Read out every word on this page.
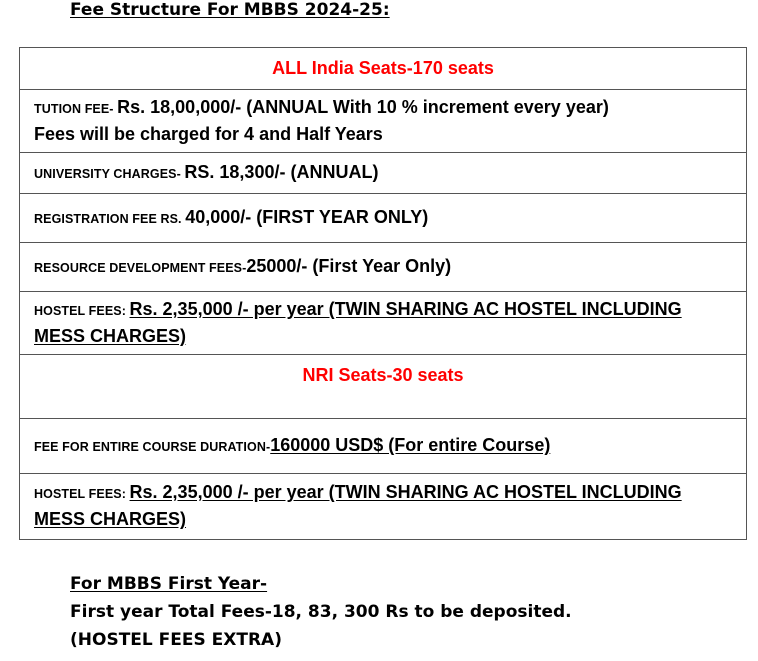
Fee Structure For MBBS 2024-25:
ALL India Seats-170 seats
TUTION FEE- Rs. 18,00,000/- (ANNUAL With 10 % increment every year)
Fees will be charged for 4 and Half Years
UNIVERSITY CHARGES- RS. 18,300/- (ANNUAL)
REGISTRATION FEE RS. 40,000/- (FIRST YEAR ONLY)
RESOURCE DEVELOPMENT FEES-25000/- (First Year Only)
HOSTEL FEES: Rs. 2,35,000 /- per year (TWIN SHARING AC HOSTEL INCLUDING MESS CHARGES)
NRI Seats-30 seats
FEE FOR ENTIRE COURSE DURATION-160000 USD$ (For entire Course)
HOSTEL FEES: Rs. 2,35,000 /- per year (TWIN SHARING AC HOSTEL INCLUDING MESS CHARGES)
For MBBS First Year-
First year Total Fees-18, 83, 300 Rs to be deposited.
(HOSTEL FEES EXTRA)
